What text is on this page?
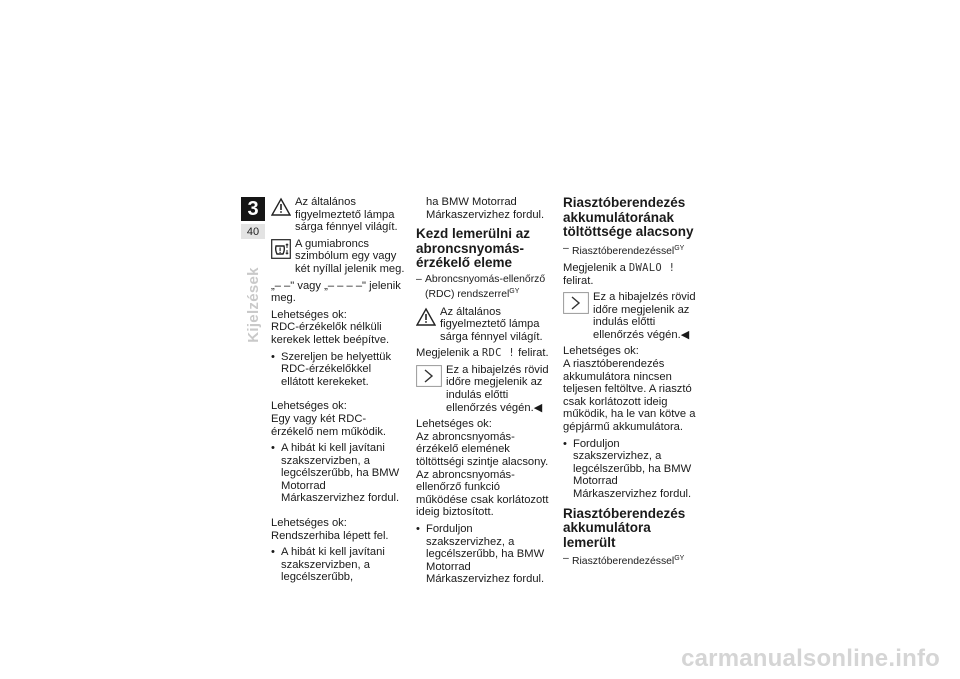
3
40
Kijelzések
Az általános figyelmeztető lámpa sárga fénnyel világít.
A gumiabroncs szimbólum egy vagy két nyíllal jelenik meg.

„– –" vagy „– – – –" jelenik meg.

Lehetséges ok:

RDC-érzékelők nélküli kerekek lettek beépítve.

• Szereljen be helyettük RDC-érzékelőkkel ellátott kerekeket.

Lehetséges ok:

Egy vagy két RDC-érzékelő nem működik.

• A hibát ki kell javítani szakszervizben, a legcélszerűbb, ha BMW Motorrad Márkaszervizhez fordul.

Lehetséges ok:

Rendszerhiba lépett fel.

• A hibát ki kell javítani szakszervizben, a legcélszerűbb,

ha BMW Motorrad Márkaszervizhez fordul.

Kezd lemerülni az abroncsnyomás-érzékelő eleme
– Abroncsnyomás-ellenőrző (RDC) rendszerrel$^{GY}$
Az általános figyelmeztető lámpa sárga fénnyel világít.

Megjelenik a RDC ! felirat.

Ez a hibajelzés rövid időre megjelenik az indulás előtti ellenőrzés végén.◀

Lehetséges ok:

Az abroncsnyomás-érzékelő elemének töltöttségi szintje alacsony. Az abroncsnyomás-ellenőrző funkció működése csak korlátozott ideig biztosított.

• Forduljon szakszervizhez, a legcélszerűbb, ha BMW Motorrad Márkaszervizhez fordul.
Riasztóberendezés akkumulátorának töltöttsége alacsony
– Riasztóberendezéssel$^{GY}$

Megjelenik a DWALO ! felirat.

Ez a hibajelzés rövid időre megjelenik az indulás előtti ellenőrzés végén.◀

Lehetséges ok:

A riasztóberendezés akkumulátora nincsen teljesen feltöltve. A riasztó csak korlátozott ideig működik, ha le van kötve a gépjármű akkumulátora.

• Forduljon szakszervizhez, a legcélszerűbb, ha BMW Motorrad Márkaszervizhez fordul.
Riasztóberendezés akkumulátora lemerült
– Riasztóberendezéssel$^{GY}$
carmanualsonline.info
